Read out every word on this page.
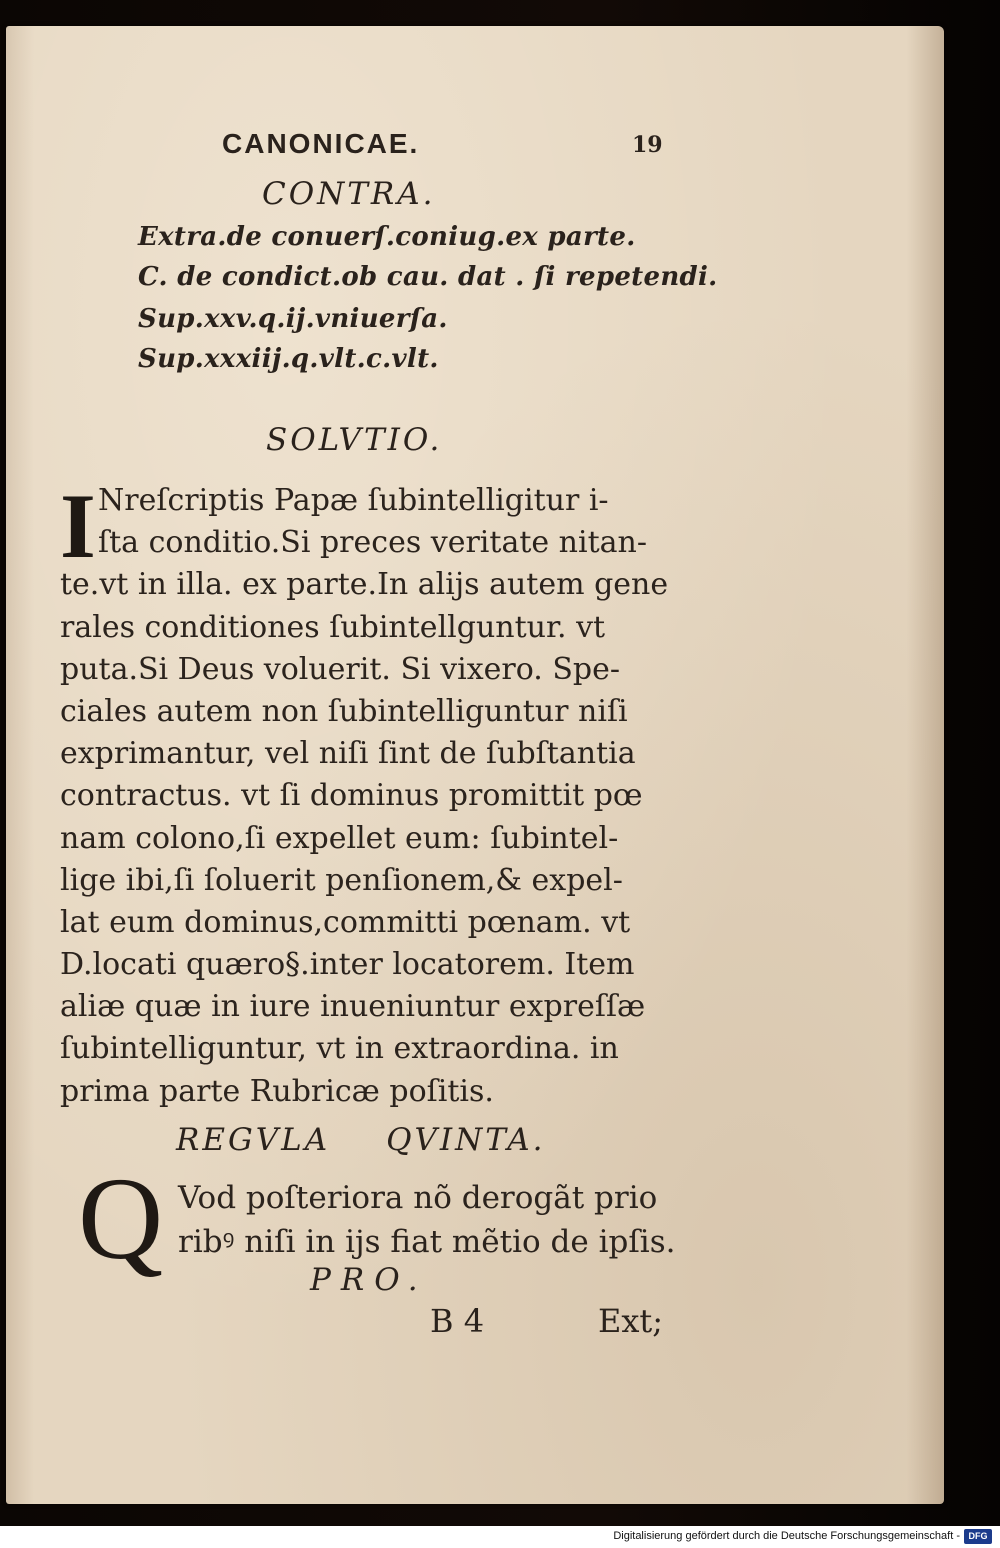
CANONICAE.	19
CONTRA.
Extra.de conuerſ.coniug.ex parte.
C. de condict.ob cau. dat . ſi repetendi.
Sup.xxv.q.ij.vniuerſa.
Sup.xxxiij.q.vlt.c.vlt.
SOLVTIO.
I Nreſcriptis Papæ ſubintelligitur i-
ſta conditio.Si preces veritate nitan-
te.vt in illa. ex parte.In alijs autem gene
rales conditiones ſubintellguntur. vt
puta.Si Deus voluerit. Si vixero. Spe-
ciales autem non ſubintelliguntur niſi
exprimantur, vel niſi ſint de ſubſtantia
contractus. vt ſi dominus promittit pœ
nam colono,ſi expellet eum: ſubintel-
lige ibi,ſi ſoluerit penſionem,& expel-
lat eum dominus,committi pœnam. vt
D.locati quæro§.inter locatorem. Item
aliæ quæ in iure inueniuntur expreſſæ
ſubintelliguntur, vt in extraordina. in
prima parte Rubricæ poſitis.
REGVLA QVINTA.
Q Vod poſteriora nõ derogãt prio
ribꝰ niſi in ijs fiat mẽtio de ipſis.
PRO.
B 4	Ext;
Digitalisierung gefördert durch die Deutsche Forschungsgemeinschaft - DFG
